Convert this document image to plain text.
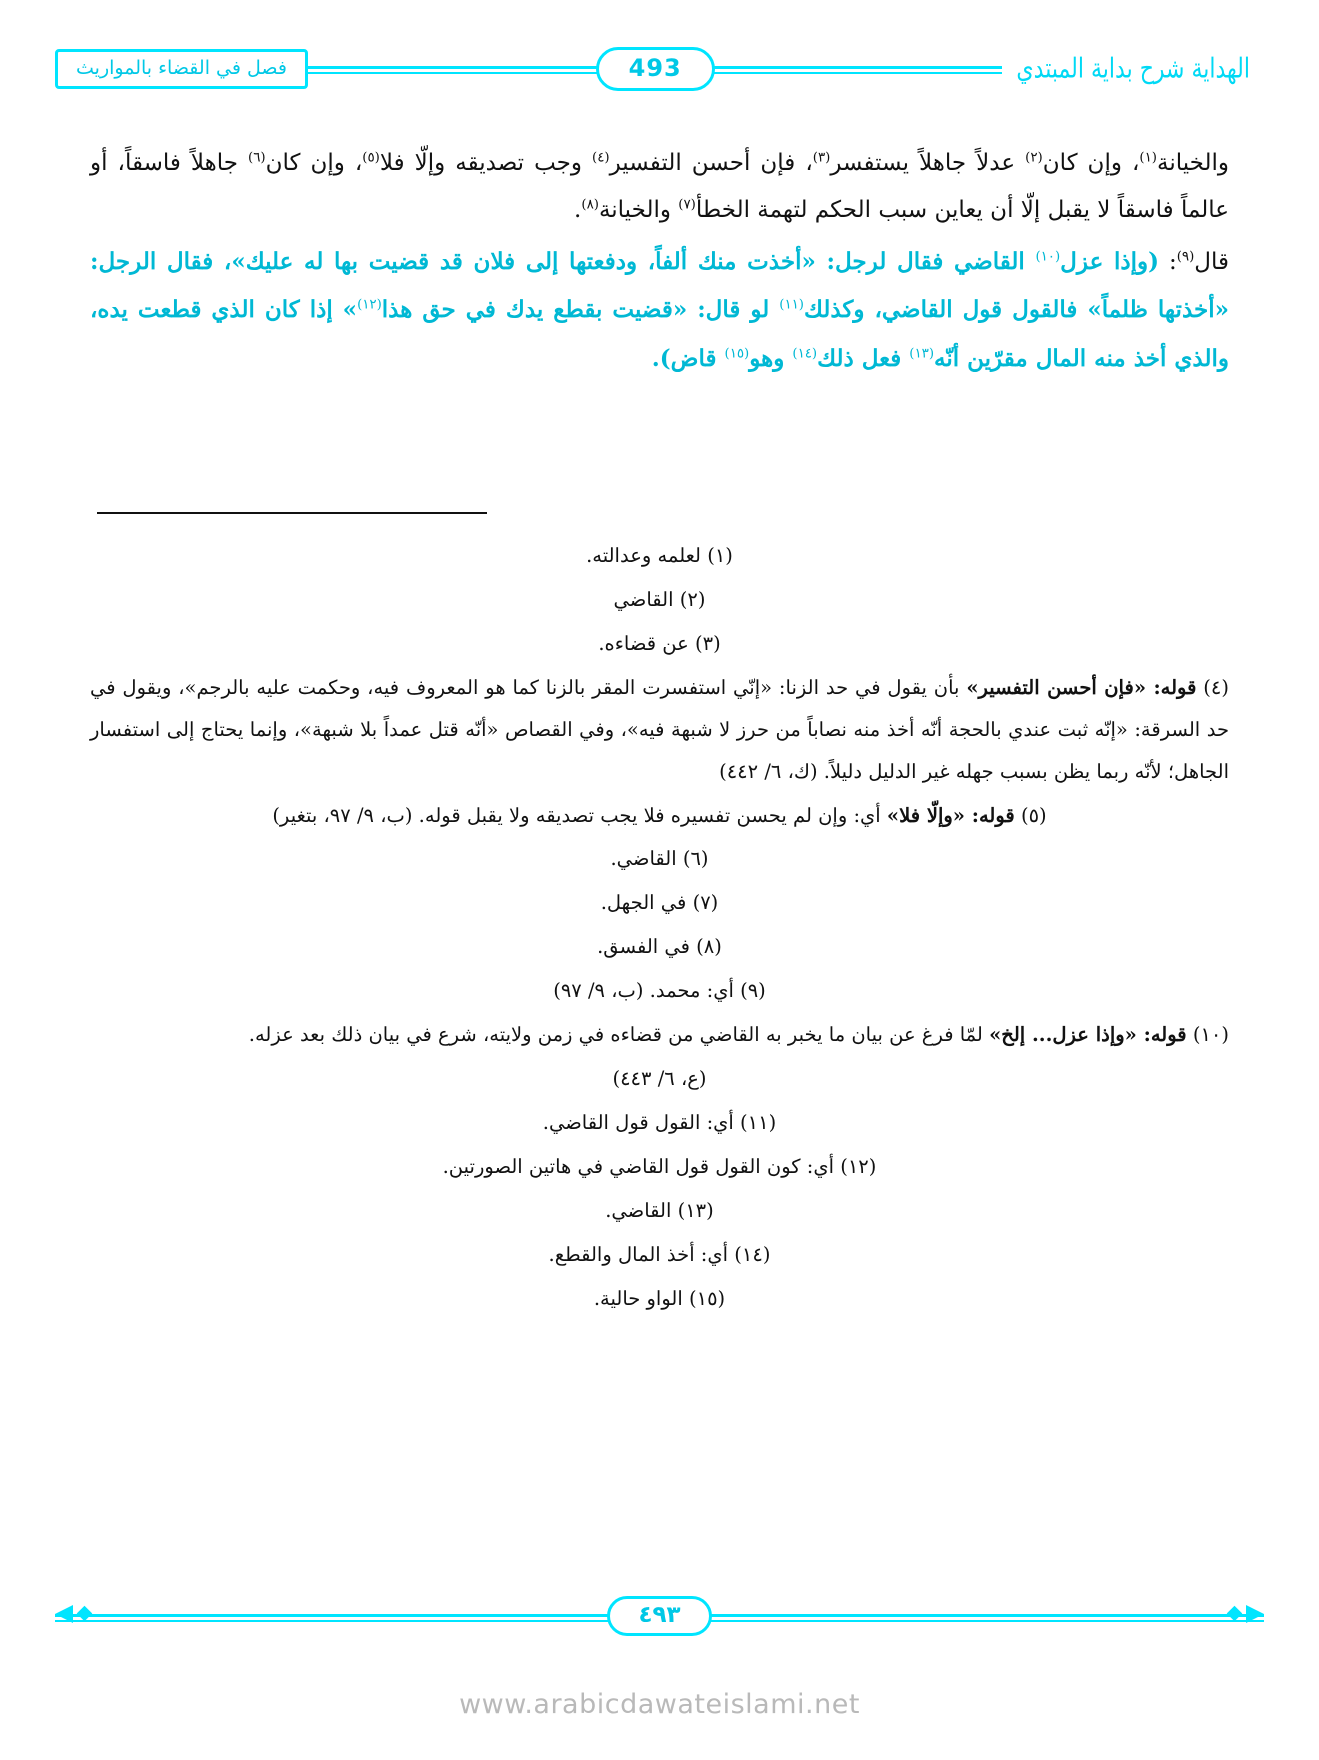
الهداية شرح بداية المبتدي
493
فصل في القضاء بالمواريث

والخيانة$^{(١)}$، وإن كان$^{(٢)}$ عدلاً جاهلاً يستفسر$^{(٣)}$، فإن أحسن التفسير$^{(٤)}$ وجب تصديقه وإلّا فلا$^{(٥)}$، وإن كان$^{(٦)}$ جاهلاً فاسقاً، أو عالماً فاسقاً لا يقبل إلّا أن يعاين سبب الحكم لتهمة الخطأ$^{(٧)}$ والخيانة$^{(٨)}$.

قال$^{(٩)}$: (وإذا عزل$^{(١٠)}$ القاضي فقال لرجل: «أخذت منك ألفاً، ودفعتها إلى فلان قد قضيت بها له عليك»، فقال الرجل: «أخذتها ظلماً» فالقول قول القاضي، وكذلك$^{(١١)}$ لو قال: «قضيت بقطع يدك في حق هذا$^{(١٢)}$» إذا كان الذي قطعت يده، والذي أخذ منه المال مقرّين أنّه$^{(١٣)}$ فعل ذلك$^{(١٤)}$ وهو$^{(١٥)}$ قاض).

(١) لعلمه وعدالته.

(٢) القاضي

(٣) عن قضاءه.

(٤) قوله: «فإن أحسن التفسير» بأن يقول في حد الزنا: «إنّي استفسرت المقر بالزنا كما هو المعروف فيه، وحكمت عليه بالرجم»، ويقول في حد السرقة: «إنّه ثبت عندي بالحجة أنّه أخذ منه نصاباً من حرز لا شبهة فيه»، وفي القصاص «أنّه قتل عمداً بلا شبهة»، وإنما يحتاج إلى استفسار الجاهل؛ لأنّه ربما يظن بسبب جهله غير الدليل دليلاً. (ك، ٦/ ٤٤٢)

(٥) قوله: «وإلّا فلا» أي: وإن لم يحسن تفسيره فلا يجب تصديقه ولا يقبل قوله. (ب، ٩/ ٩٧، بتغير)

(٦) القاضي.

(٧) في الجهل.

(٨) في الفسق.

(٩) أي: محمد. (ب، ٩/ ٩٧)

(١٠) قوله: «وإذا عزل... إلخ» لمّا فرغ عن بيان ما يخبر به القاضي من قضاءه في زمن ولايته، شرع في بيان ذلك بعد عزله.

(ع، ٦/ ٤٤٣)

(١١) أي: القول قول القاضي.

(١٢) أي: كون القول قول القاضي في هاتين الصورتين.

(١٣) القاضي.

(١٤) أي: أخذ المال والقطع.

(١٥) الواو حالية.

٤٩٣
www.arabicdawateislami.net
